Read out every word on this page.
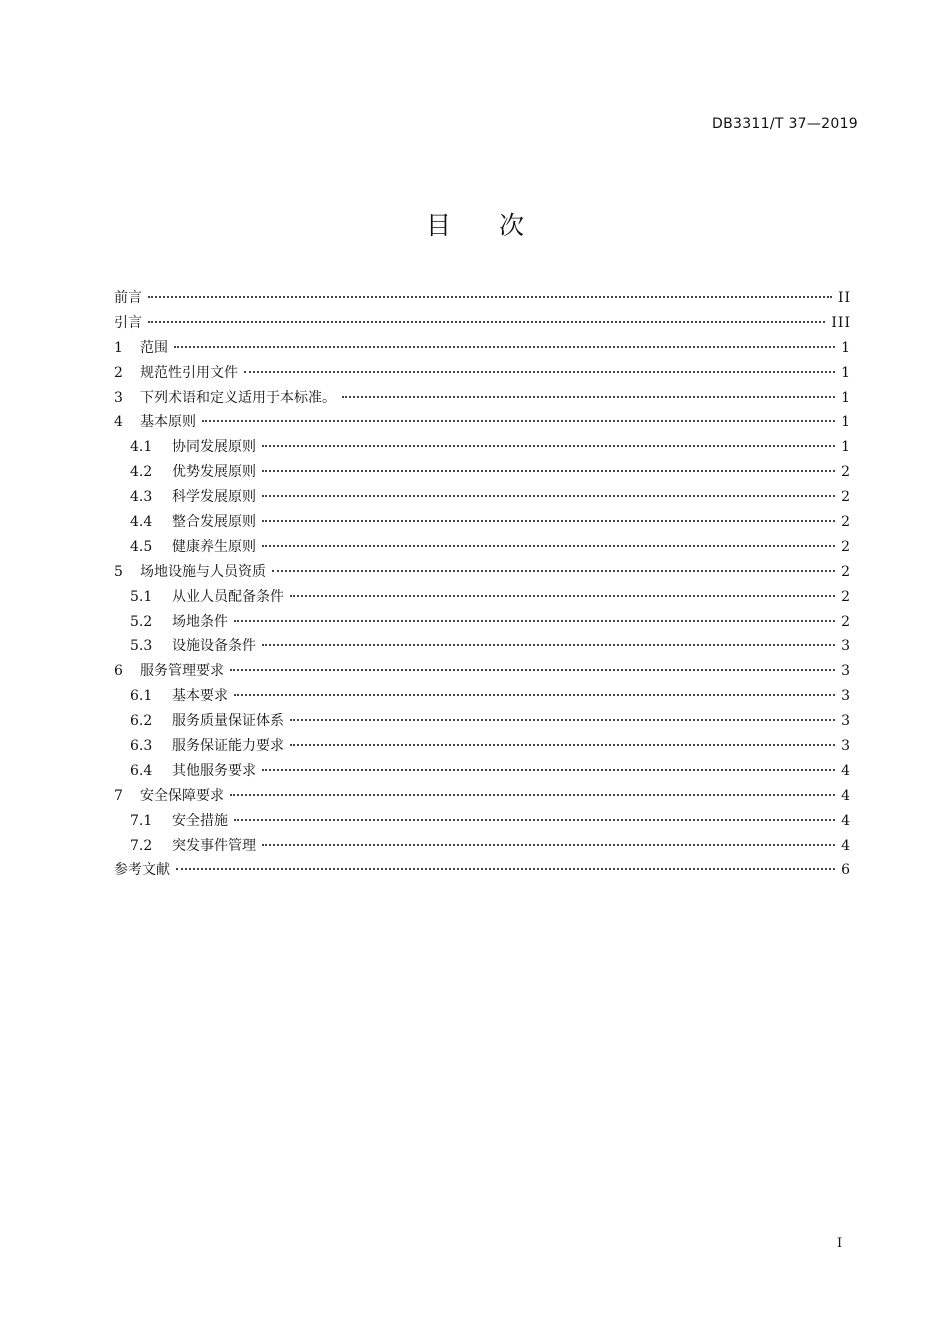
DB3311/T 37—2019
目 次
前言	II
引言	III
1	范围	1
2	规范性引用文件	1
3	下列术语和定义适用于本标准。	1
4	基本原则	1
4.1	协同发展原则	1
4.2	优势发展原则	2
4.3	科学发展原则	2
4.4	整合发展原则	2
4.5	健康养生原则	2
5	场地设施与人员资质	2
5.1	从业人员配备条件	2
5.2	场地条件	2
5.3	设施设备条件	3
6	服务管理要求	3
6.1	基本要求	3
6.2	服务质量保证体系	3
6.3	服务保证能力要求	3
6.4	其他服务要求	4
7	安全保障要求	4
7.1	安全措施	4
7.2	突发事件管理	4
参考文献	6
I
